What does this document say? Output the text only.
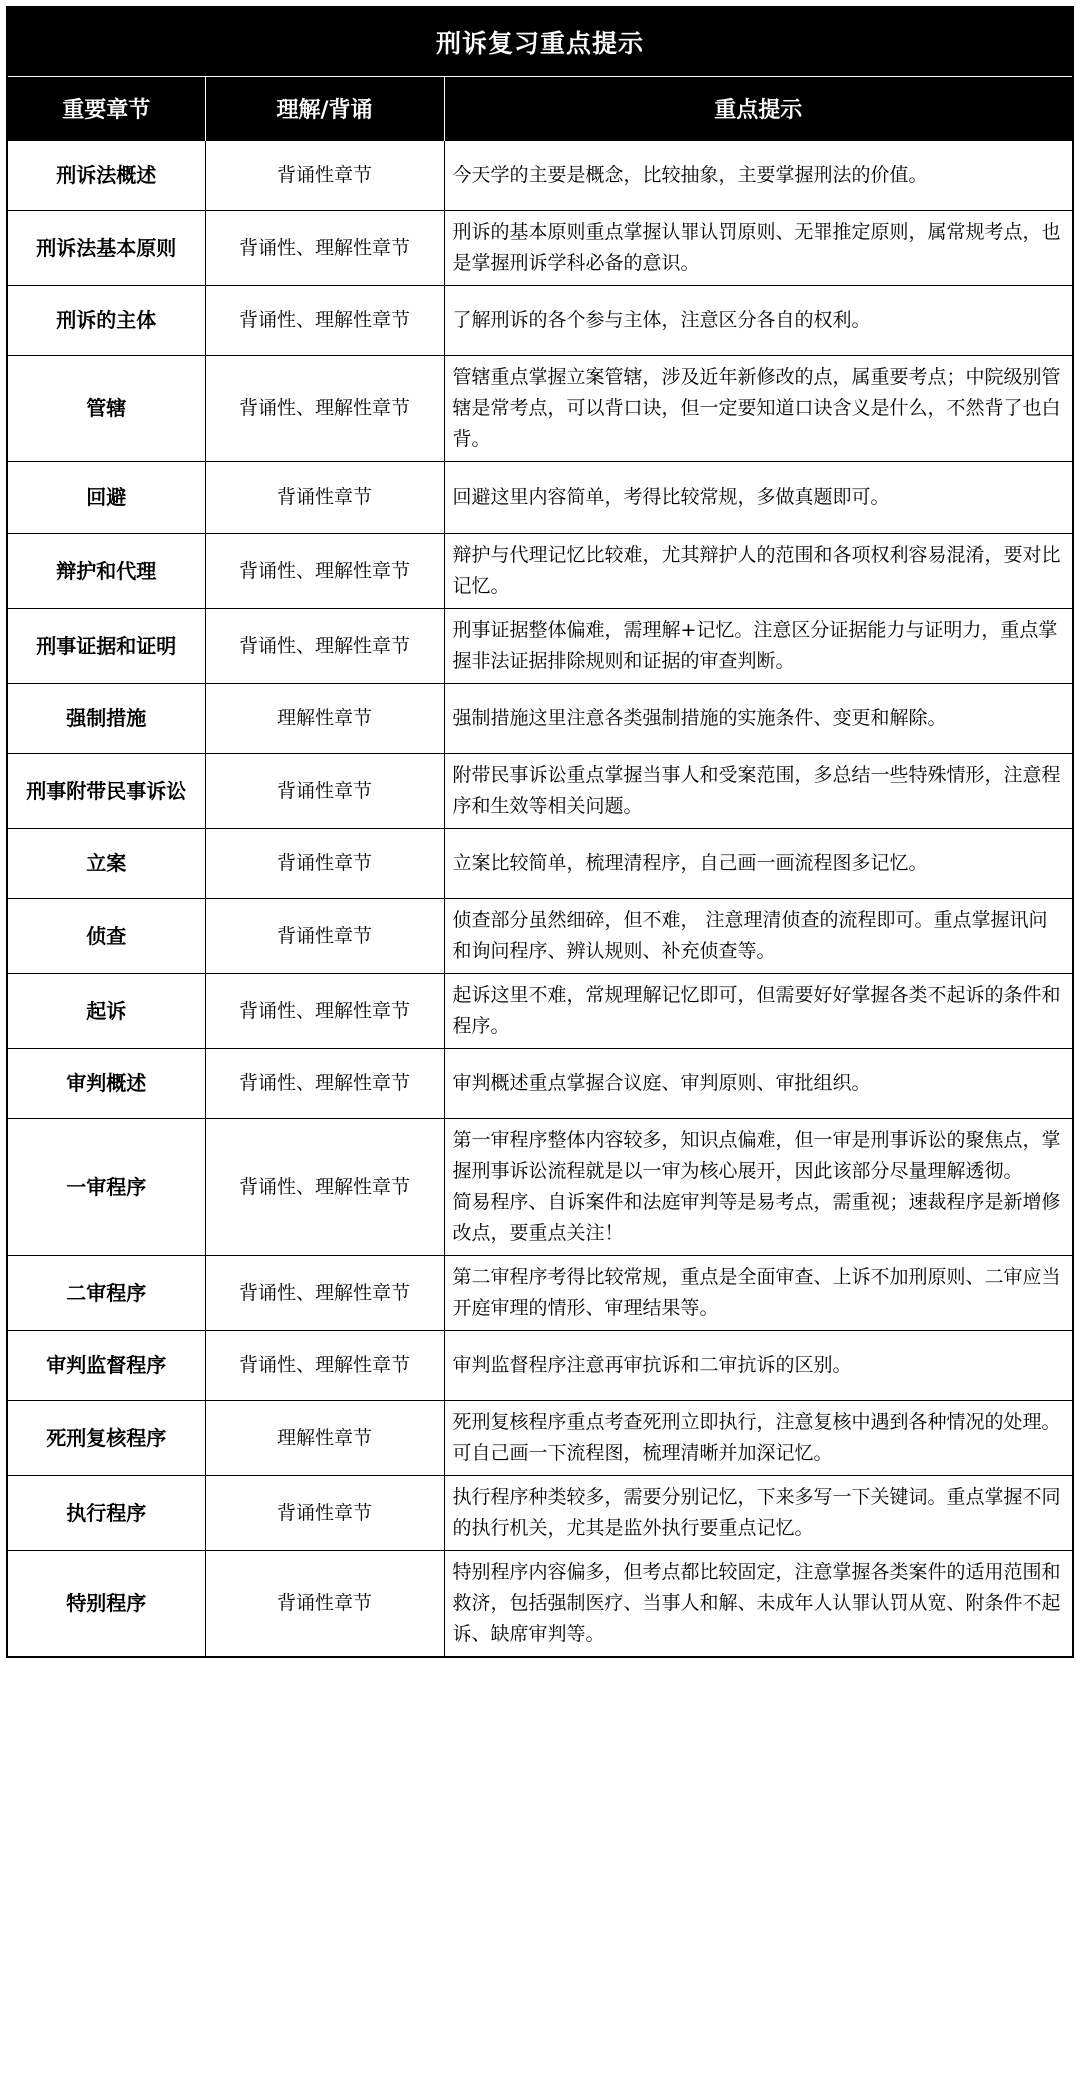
刑诉复习重点提示
重要章节	理解/背诵	重点提示
刑诉法概述	背诵性章节	今天学的主要是概念，比较抽象，主要掌握刑法的价值。

刑诉法基本原则	背诵性、理解性章节	刑诉的基本原则重点掌握认罪认罚原则、无罪推定原则，属常规考点，也是掌握刑诉学科必备的意识。

刑诉的主体	背诵性、理解性章节	了解刑诉的各个参与主体，注意区分各自的权利。

管辖	背诵性、理解性章节	管辖重点掌握立案管辖，涉及近年新修改的点，属重要考点；中院级别管辖是常考点，可以背口诀，但一定要知道口诀含义是什么，不然背了也白背。

回避	背诵性章节	回避这里内容简单，考得比较常规，多做真题即可。

辩护和代理	背诵性、理解性章节	辩护与代理记忆比较难，尤其辩护人的范围和各项权利容易混淆，要对比记忆。

刑事证据和证明	背诵性、理解性章节	刑事证据整体偏难，需理解+记忆。注意区分证据能力与证明力，重点掌握非法证据排除规则和证据的审查判断。

强制措施	理解性章节	强制措施这里注意各类强制措施的实施条件、变更和解除。

刑事附带民事诉讼	背诵性章节	附带民事诉讼重点掌握当事人和受案范围，多总结一些特殊情形，注意程序和生效等相关问题。

立案	背诵性章节	立案比较简单，梳理清程序，自己画一画流程图多记忆。

侦查	背诵性章节	侦查部分虽然细碎，但不难， 注意理清侦查的流程即可。重点掌握讯问和询问程序、辨认规则、补充侦查等。

起诉	背诵性、理解性章节	起诉这里不难，常规理解记忆即可，但需要好好掌握各类不起诉的条件和程序。

审判概述	背诵性、理解性章节	审判概述重点掌握合议庭、审判原则、审批组织。

一审程序	背诵性、理解性章节	第一审程序整体内容较多，知识点偏难，但一审是刑事诉讼的聚焦点，掌握刑事诉讼流程就是以一审为核心展开，因此该部分尽量理解透彻。
简易程序、自诉案件和法庭审判等是易考点，需重视；速裁程序是新增修改点，要重点关注！

二审程序	背诵性、理解性章节	第二审程序考得比较常规，重点是全面审查、上诉不加刑原则、二审应当开庭审理的情形、审理结果等。

审判监督程序	背诵性、理解性章节	审判监督程序注意再审抗诉和二审抗诉的区别。

死刑复核程序	理解性章节	死刑复核程序重点考查死刑立即执行，注意复核中遇到各种情况的处理。可自己画一下流程图，梳理清晰并加深记忆。

执行程序	背诵性章节	执行程序种类较多，需要分别记忆，下来多写一下关键词。重点掌握不同的执行机关，尤其是监外执行要重点记忆。

特别程序	背诵性章节	特别程序内容偏多，但考点都比较固定，注意掌握各类案件的适用范围和救济，包括强制医疗、当事人和解、未成年人认罪认罚从宽、附条件不起诉、缺席审判等。
